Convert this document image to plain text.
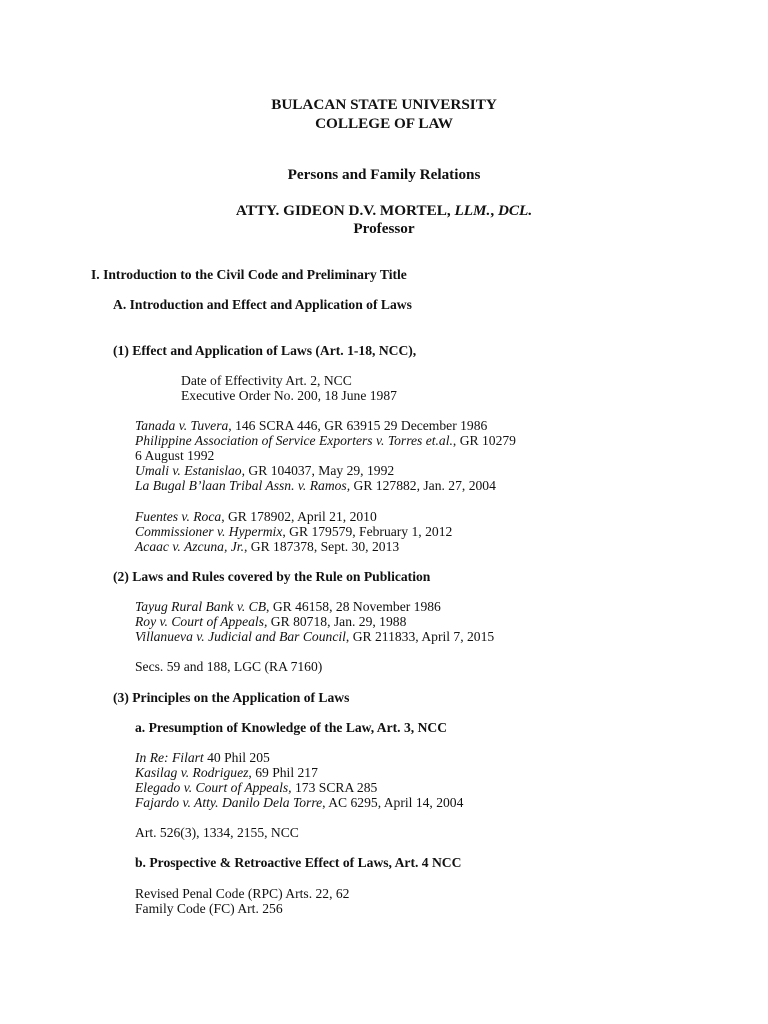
BULACAN STATE UNIVERSITY
COLLEGE OF LAW
Persons and Family Relations
ATTY. GIDEON D.V. MORTEL, LLM., DCL.
Professor
I. Introduction to the Civil Code and Preliminary Title
A. Introduction and Effect and Application of Laws
(1) Effect and Application of Laws (Art. 1-18, NCC),
Date of Effectivity Art. 2, NCC
Executive Order No. 200, 18 June 1987
Tanada v. Tuvera, 146 SCRA 446, GR 63915 29 December 1986
Philippine Association of Service Exporters v. Torres et.al., GR 10279
6 August 1992
Umali v. Estanislao, GR 104037, May 29, 1992
La Bugal B’laan Tribal Assn. v. Ramos, GR 127882, Jan. 27, 2004
Fuentes v. Roca, GR 178902, April 21, 2010
Commissioner v. Hypermix, GR 179579, February 1, 2012
Acaac v. Azcuna, Jr., GR 187378, Sept. 30, 2013
(2) Laws and Rules covered by the Rule on Publication
Tayug Rural Bank v. CB, GR 46158, 28 November 1986
Roy v. Court of Appeals, GR 80718, Jan. 29, 1988
Villanueva v. Judicial and Bar Council, GR 211833, April 7, 2015
Secs. 59 and 188, LGC (RA 7160)
(3) Principles on the Application of Laws
a. Presumption of Knowledge of the Law, Art. 3, NCC
In Re: Filart 40 Phil 205
Kasilag v. Rodriguez, 69 Phil 217
Elegado v. Court of Appeals, 173 SCRA 285
Fajardo v. Atty. Danilo Dela Torre, AC 6295, April 14, 2004
Art. 526(3), 1334, 2155, NCC
b. Prospective & Retroactive Effect of Laws, Art. 4 NCC
Revised Penal Code (RPC) Arts. 22, 62
Family Code (FC) Art. 256
